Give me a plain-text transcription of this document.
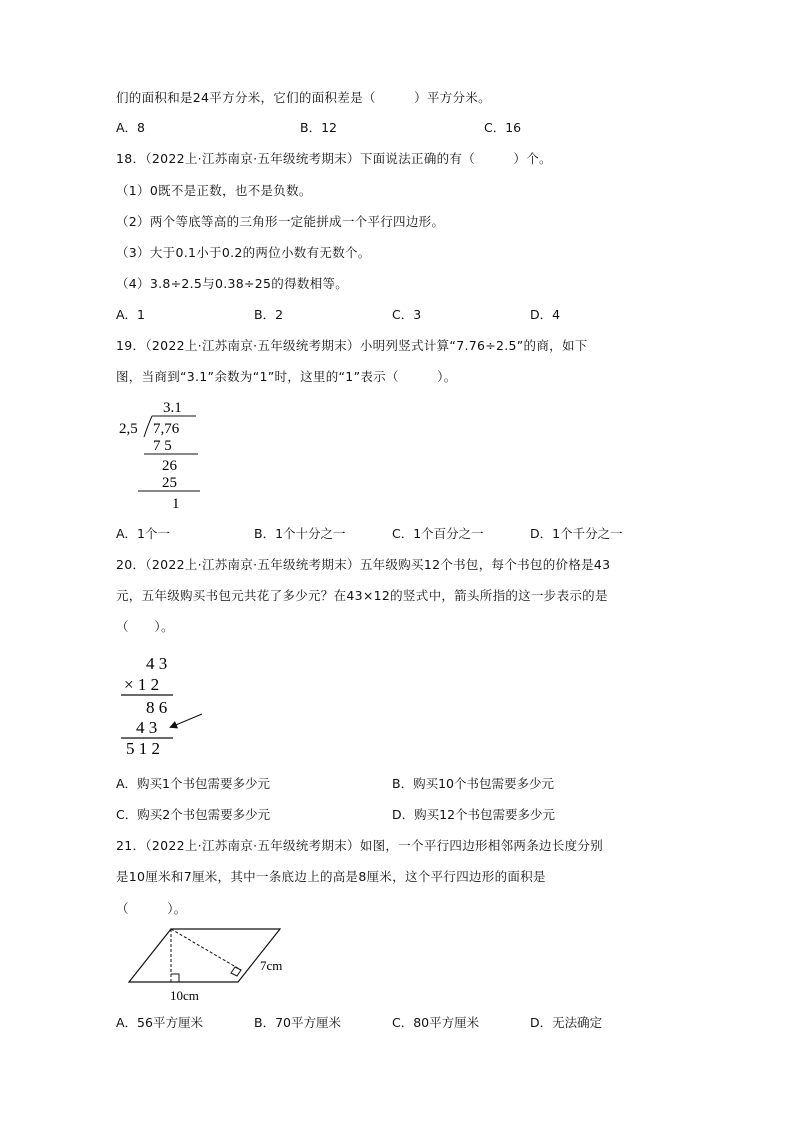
们的面积和是24平方分米，它们的面积差是（　　　）平方分米。
A．8	B．12	C．16
18．（2022上·江苏南京·五年级统考期末）下面说法正确的有（　　　）个。
（1）0既不是正数，也不是负数。
（2）两个等底等高的三角形一定能拼成一个平行四边形。
（3）大于0.1小于0.2的两位小数有无数个。
（4）3.8÷2.5与0.38÷25的得数相等。
A．1	B．2	C．3	D．4
19．（2022上·江苏南京·五年级统考期末）小明列竖式计算“7.76÷2.5”的商，如下
图，当商到“3.1”余数为“1”时，这里的“1”表示（　　　）。
3.1
2,5 7,76
7 5
26
25
1
A．1个一	B．1个十分之一	C．1个百分之一	D．1个千分之一
20．（2022上·江苏南京·五年级统考期末）五年级购买12个书包，每个书包的价格是43
元，五年级购买书包元共花了多少元？在43×12的竖式中，箭头所指的这一步表示的是
（　　）。
4 3
× 1 2
8 6
4 3
5 1 2
A．购买1个书包需要多少元	B．购买10个书包需要多少元
C．购买2个书包需要多少元	D．购买12个书包需要多少元
21．（2022上·江苏南京·五年级统考期末）如图，一个平行四边形相邻两条边长度分别
是10厘米和7厘米，其中一条底边上的高是8厘米，这个平行四边形的面积是
（　　　）。
7cm
10cm
A．56平方厘米	B．70平方厘米	C．80平方厘米	D．无法确定
